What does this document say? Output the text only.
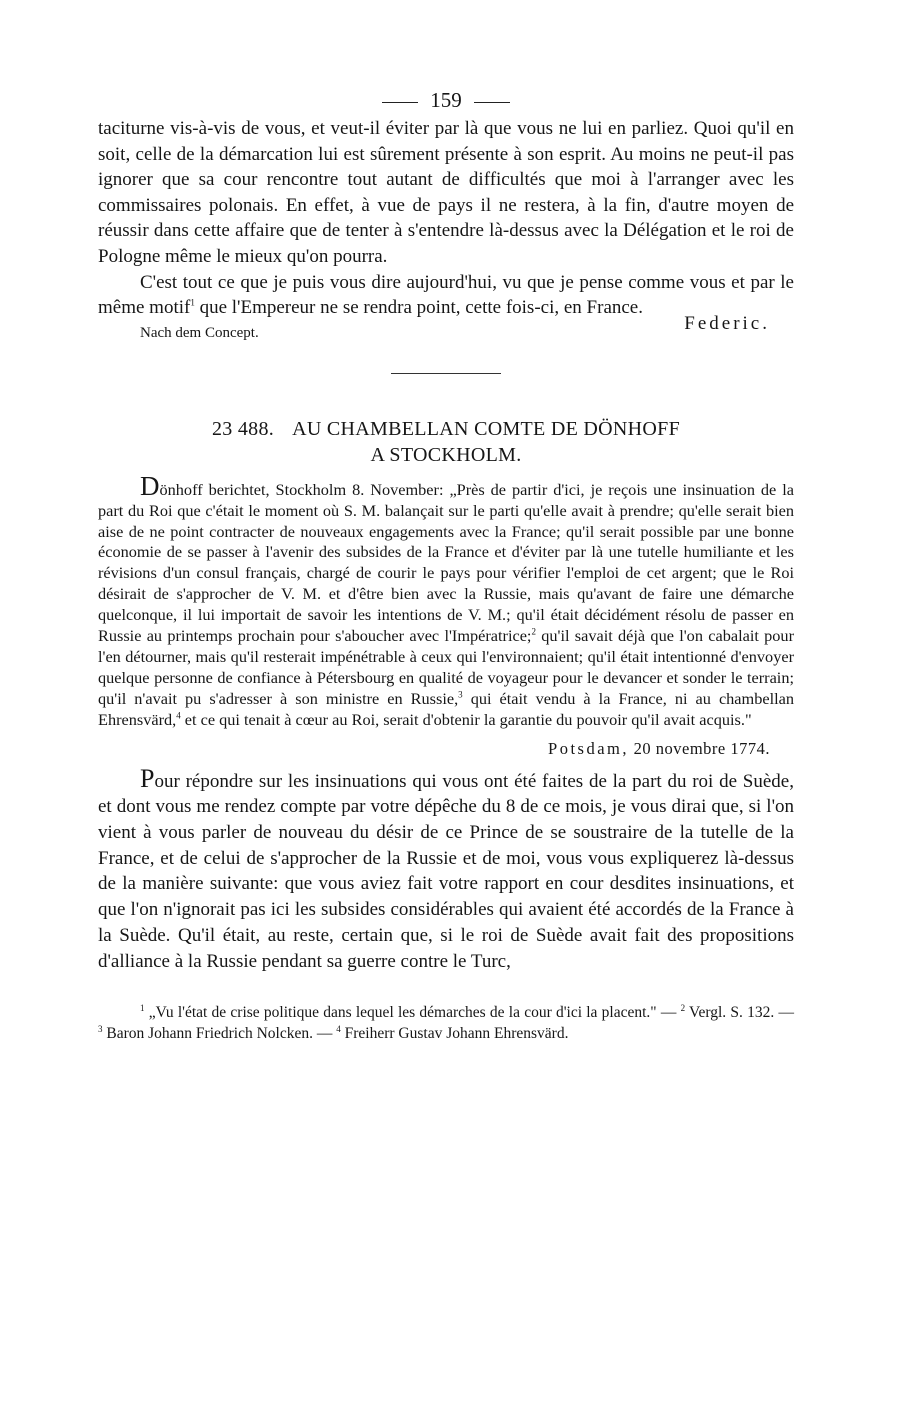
159

taciturne vis-à-vis de vous, et veut-il éviter par là que vous ne lui en parliez. Quoi qu'il en soit, celle de la démarcation lui est sûrement présente à son esprit. Au moins ne peut-il pas ignorer que sa cour rencontre tout autant de difficultés que moi à l'arranger avec les commissaires polonais. En effet, à vue de pays il ne restera, à la fin, d'autre moyen de réussir dans cette affaire que de tenter à s'entendre là-dessus avec la Délégation et le roi de Pologne même le mieux qu'on pourra.

C'est tout ce que je puis vous dire aujourd'hui, vu que je pense comme vous et par le même motif$^1$ que l'Empereur ne se rendra point, cette fois-ci, en France.

Nach dem Concept.	Federic.
23 488. AU CHAMBELLAN COMTE DE DÖNHOFF
A STOCKHOLM.

Dönhoff berichtet, Stockholm 8. November: „Près de partir d'ici, je reçois une insinuation de la part du Roi que c'était le moment où S. M. balançait sur le parti qu'elle avait à prendre; qu'elle serait bien aise de ne point contracter de nouveaux engagements avec la France; qu'il serait possible par une bonne économie de se passer à l'avenir des subsides de la France et d'éviter par là une tutelle humiliante et les révisions d'un consul français, chargé de courir le pays pour vérifier l'emploi de cet argent; que le Roi désirait de s'approcher de V. M. et d'être bien avec la Russie, mais qu'avant de faire une démarche quelconque, il lui importait de savoir les intentions de V. M.; qu'il était décidément résolu de passer en Russie au printemps prochain pour s'aboucher avec l'Impératrice;$^2$ qu'il savait déjà que l'on cabalait pour l'en détourner, mais qu'il resterait impénétrable à ceux qui l'environnaient; qu'il était intentionné d'envoyer quelque personne de confiance à Pétersbourg en qualité de voyageur pour le devancer et sonder le terrain; qu'il n'avait pu s'adresser à son ministre en Russie,$^3$ qui était vendu à la France, ni au chambellan Ehrensvärd,$^4$ et ce qui tenait à cœur au Roi, serait d'obtenir la garantie du pouvoir qu'il avait acquis."

Potsdam, 20 novembre 1774.

Pour répondre sur les insinuations qui vous ont été faites de la part du roi de Suède, et dont vous me rendez compte par votre dépêche du 8 de ce mois, je vous dirai que, si l'on vient à vous parler de nouveau du désir de ce Prince de se soustraire de la tutelle de la France, et de celui de s'approcher de la Russie et de moi, vous vous expliquerez là-dessus de la manière suivante: que vous aviez fait votre rapport en cour desdites insinuations, et que l'on n'ignorait pas ici les subsides considérables qui avaient été accordés de la France à la Suède. Qu'il était, au reste, certain que, si le roi de Suède avait fait des propositions d'alliance à la Russie pendant sa guerre contre le Turc,

$^1$ „Vu l'état de crise politique dans lequel les démarches de la cour d'ici la placent." — $^2$ Vergl. S. 132. — $^3$ Baron Johann Friedrich Nolcken. — $^4$ Freiherr Gustav Johann Ehrensvärd.
